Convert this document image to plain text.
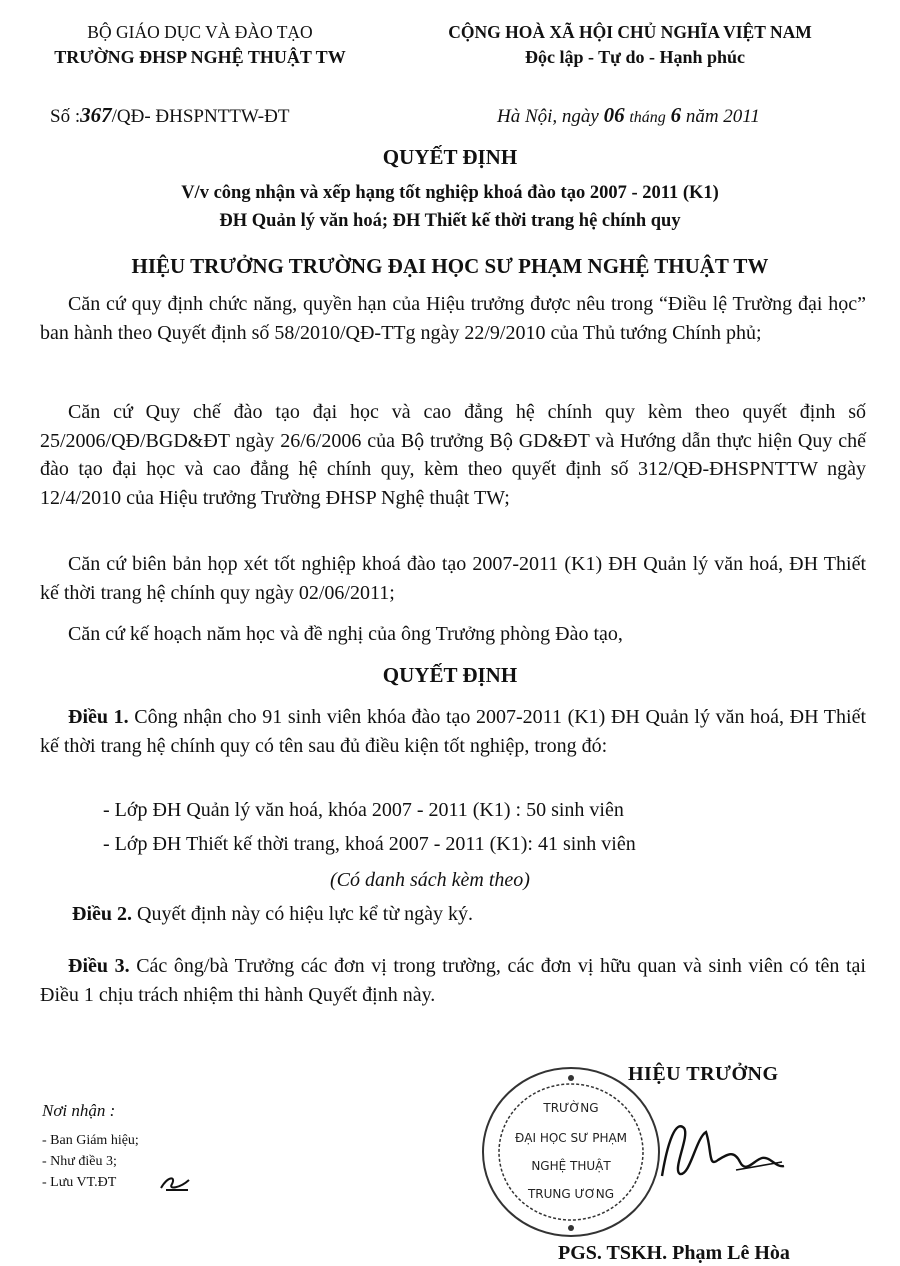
BỘ GIÁO DỤC VÀ ĐÀO TẠO
TRƯỜNG ĐHSP NGHỆ THUẬT TW
CỘNG HOÀ XÃ HỘI CHỦ NGHĨA VIỆT NAM
Độc lập - Tự do - Hạnh phúc
Số :367/QĐ- ĐHSPNTTW-ĐT	Hà Nội, ngày 06 tháng 6 năm 2011
QUYẾT ĐỊNH
V/v công nhận và xếp hạng tốt nghiệp khoá đào tạo 2007 - 2011 (K1)
ĐH Quản lý văn hoá; ĐH Thiết kế thời trang hệ chính quy
HIỆU TRƯỞNG TRƯỜNG ĐẠI HỌC SƯ PHẠM NGHỆ THUẬT TW
Căn cứ quy định chức năng, quyền hạn của Hiệu trưởng được nêu trong “Điều lệ Trường đại học” ban hành theo Quyết định số 58/2010/QĐ-TTg ngày 22/9/2010 của Thủ tướng Chính phủ;
Căn cứ Quy chế đào tạo đại học và cao đẳng hệ chính quy kèm theo quyết định số 25/2006/QĐ/BGD&ĐT ngày 26/6/2006 của Bộ trưởng Bộ GD&ĐT và Hướng dẫn thực hiện Quy chế đào tạo đại học và cao đẳng hệ chính quy, kèm theo quyết định số 312/QĐ-ĐHSPNTTW ngày 12/4/2010 của Hiệu trưởng Trường ĐHSP Nghệ thuật TW;
Căn cứ biên bản họp xét tốt nghiệp khoá đào tạo 2007-2011 (K1) ĐH Quản lý văn hoá, ĐH Thiết kế thời trang hệ chính quy ngày 02/06/2011;
Căn cứ kế hoạch năm học và đề nghị của ông Trưởng phòng Đào tạo,
QUYẾT ĐỊNH
Điều 1. Công nhận cho 91 sinh viên khóa đào tạo 2007-2011 (K1) ĐH Quản lý văn hoá, ĐH Thiết kế thời trang hệ chính quy có tên sau đủ điều kiện tốt nghiệp, trong đó:
- Lớp ĐH Quản lý văn hoá, khóa 2007 - 2011 (K1) : 50 sinh viên
- Lớp ĐH Thiết kế thời trang, khoá 2007 - 2011 (K1): 41 sinh viên
(Có danh sách kèm theo)
Điều 2. Quyết định này có hiệu lực kể từ ngày ký.
Điều 3. Các ông/bà Trưởng các đơn vị trong trường, các đơn vị hữu quan và sinh viên có tên tại Điều 1 chịu trách nhiệm thi hành Quyết định này.
Nơi nhận :
- Ban Giám hiệu;
- Như điều 3;
- Lưu VT.ĐT
HIỆU TRƯỞNG
TRƯỜNG
ĐẠI HỌC SƯ PHẠM
NGHỆ THUẬT
TRUNG ƯƠNG
PGS. TSKH. Phạm Lê Hòa
